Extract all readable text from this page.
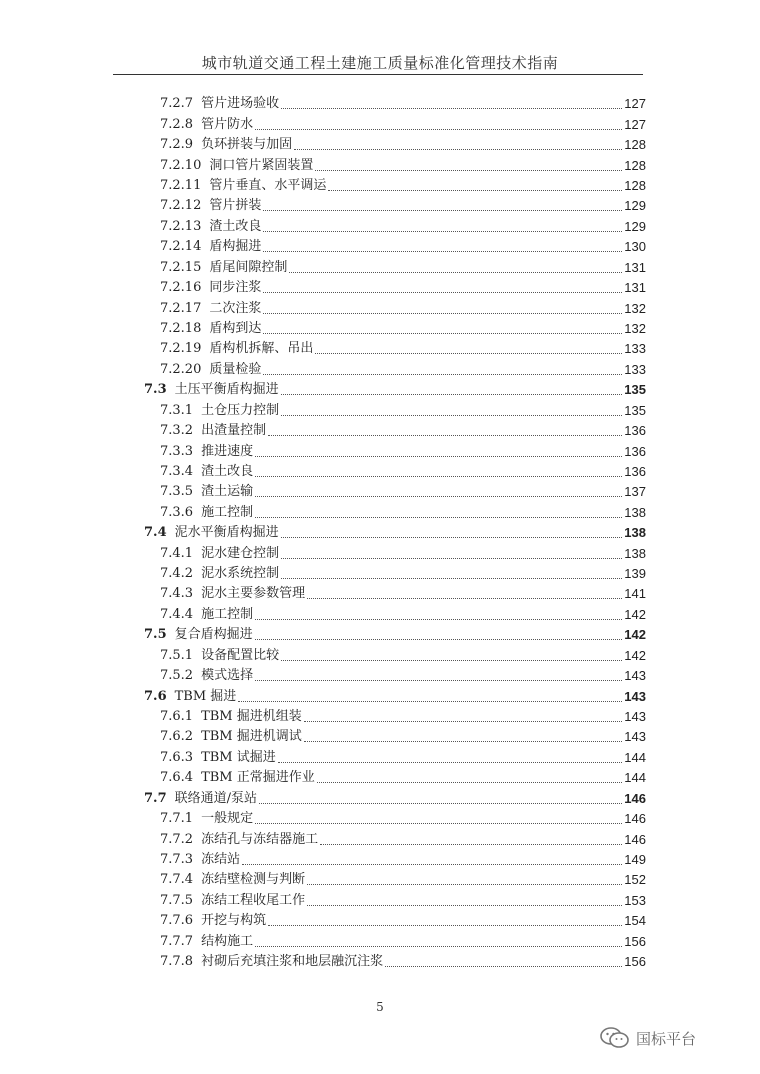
城市轨道交通工程土建施工质量标准化管理技术指南
7.2.7 管片进场验收	127
7.2.8 管片防水	127
7.2.9 负环拼装与加固	128
7.2.10 洞口管片紧固装置	128
7.2.11 管片垂直、水平调运	128
7.2.12 管片拼装	129
7.2.13 渣土改良	129
7.2.14 盾构掘进	130
7.2.15 盾尾间隙控制	131
7.2.16 同步注浆	131
7.2.17 二次注浆	132
7.2.18 盾构到达	132
7.2.19 盾构机拆解、吊出	133
7.2.20 质量检验	133
7.3 土压平衡盾构掘进	135
7.3.1 土仓压力控制	135
7.3.2 出渣量控制	136
7.3.3 推进速度	136
7.3.4 渣土改良	136
7.3.5 渣土运输	137
7.3.6 施工控制	138
7.4 泥水平衡盾构掘进	138
7.4.1 泥水建仓控制	138
7.4.2 泥水系统控制	139
7.4.3 泥水主要参数管理	141
7.4.4 施工控制	142
7.5 复合盾构掘进	142
7.5.1 设备配置比较	142
7.5.2 模式选择	143
7.6 TBM 掘进	143
7.6.1 TBM 掘进机组装	143
7.6.2 TBM 掘进机调试	143
7.6.3 TBM 试掘进	144
7.6.4 TBM 正常掘进作业	144
7.7 联络通道/泵站	146
7.7.1 一般规定	146
7.7.2 冻结孔与冻结器施工	146
7.7.3 冻结站	149
7.7.4 冻结壁检测与判断	152
7.7.5 冻结工程收尾工作	153
7.7.6 开挖与构筑	154
7.7.7 结构施工	156
7.7.8 衬砌后充填注浆和地层融沉注浆	156
5
国标平台
